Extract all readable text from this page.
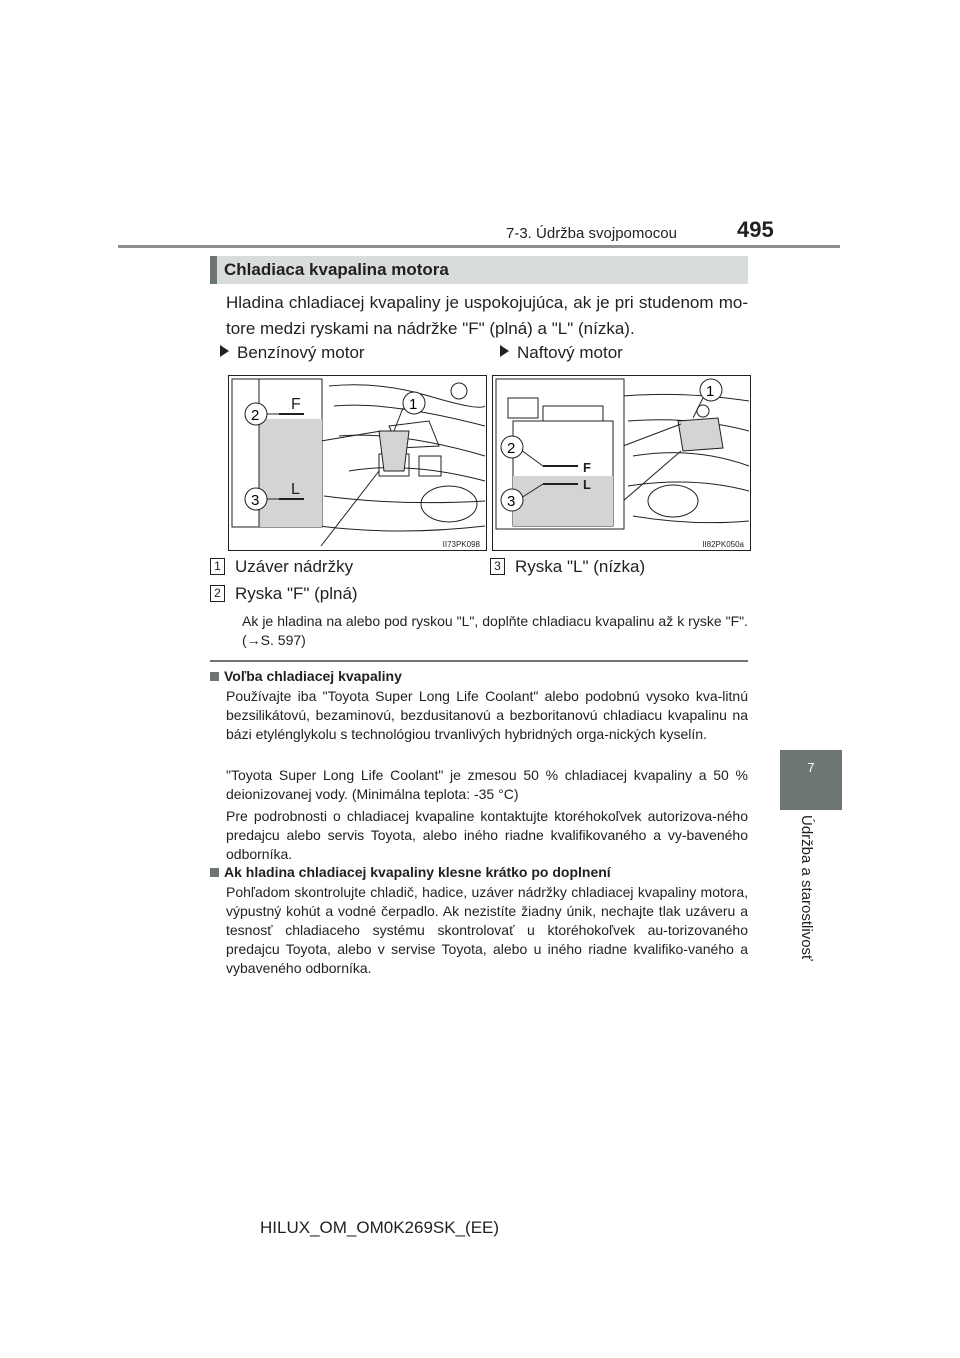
7-3. Údržba svojpomocou	495
7
Údržba a starostlivosť
Chladiaca kvapalina motora
Hladina chladiacej kvapaliny je uspokojujúca, ak je pri studenom mo-tore medzi ryskami na nádržke "F" (plná) a "L" (nízka).
Benzínový motor	Naftový motor
F
L
2
3
1
II73PK098
F
L
2
3
1
II82PK050a
1 Uzáver nádržky
2 Ryska "F" (plná)
3 Ryska "L" (nízka)
Ak je hladina na alebo pod ryskou "L", doplňte chladiacu kvapalinu až k ryske "F". (→S. 597)
Voľba chladiacej kvapaliny
Používajte iba "Toyota Super Long Life Coolant" alebo podobnú vysoko kva-litnú bezsilikátovú, bezaminovú, bezdusitanovú a bezboritanovú chladiacu kvapalinu na bázi etylénglykolu s technológiou trvanlivých hybridných orga-nických kyselín.
"Toyota Super Long Life Coolant" je zmesou 50 % chladiacej kvapaliny a 50 % deionizovanej vody. (Minimálna teplota: -35 °C)
Pre podrobnosti o chladiacej kvapaline kontaktujte ktoréhokoľvek autorizova-ného predajcu alebo servis Toyota, alebo iného riadne kvalifikovaného a vy-baveného odborníka.
Ak hladina chladiacej kvapaliny klesne krátko po doplnení
Pohľadom skontrolujte chladič, hadice, uzáver nádržky chladiacej kvapaliny motora, výpustný kohút a vodné čerpadlo. Ak nezistíte žiadny únik, nechajte tlak uzáveru a tesnosť chladiaceho systému skontrolovať u ktoréhokoľvek au-torizovaného predajcu Toyota, alebo v servise Toyota, alebo u iného riadne kvalifiko-vaného a vybaveného odborníka.
HILUX_OM_OM0K269SK_(EE)
